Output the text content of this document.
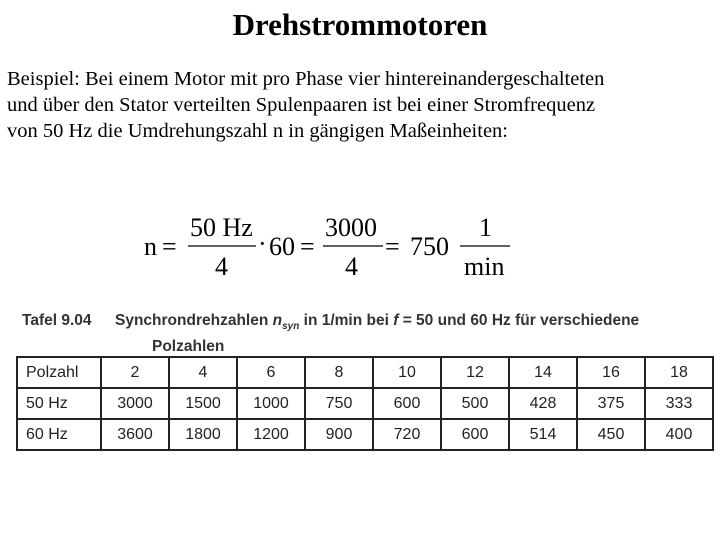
Drehstrommotoren
Beispiel: Bei einem Motor mit pro Phase vier hintereinandergeschalteten
und über den Stator verteilten Spulenpaaren ist bei einer Stromfrequenz
von 50 Hz die Umdrehungszahl n in gängigen Maßeinheiten:
n =
50 Hz
4
· 60 =
3000
4
= 750
1
min
Tafel 9.04 Synchrondrehzahlen $n_{syn}$ in 1/min bei f = 50 und 60 Hz für verschiedene
Polzahlen
Polzahl	2	4	6	8	10	12	14	16	18
50 Hz	3000	1500	1000	750	600	500	428	375	333
60 Hz	3600	1800	1200	900	720	600	514	450	400
